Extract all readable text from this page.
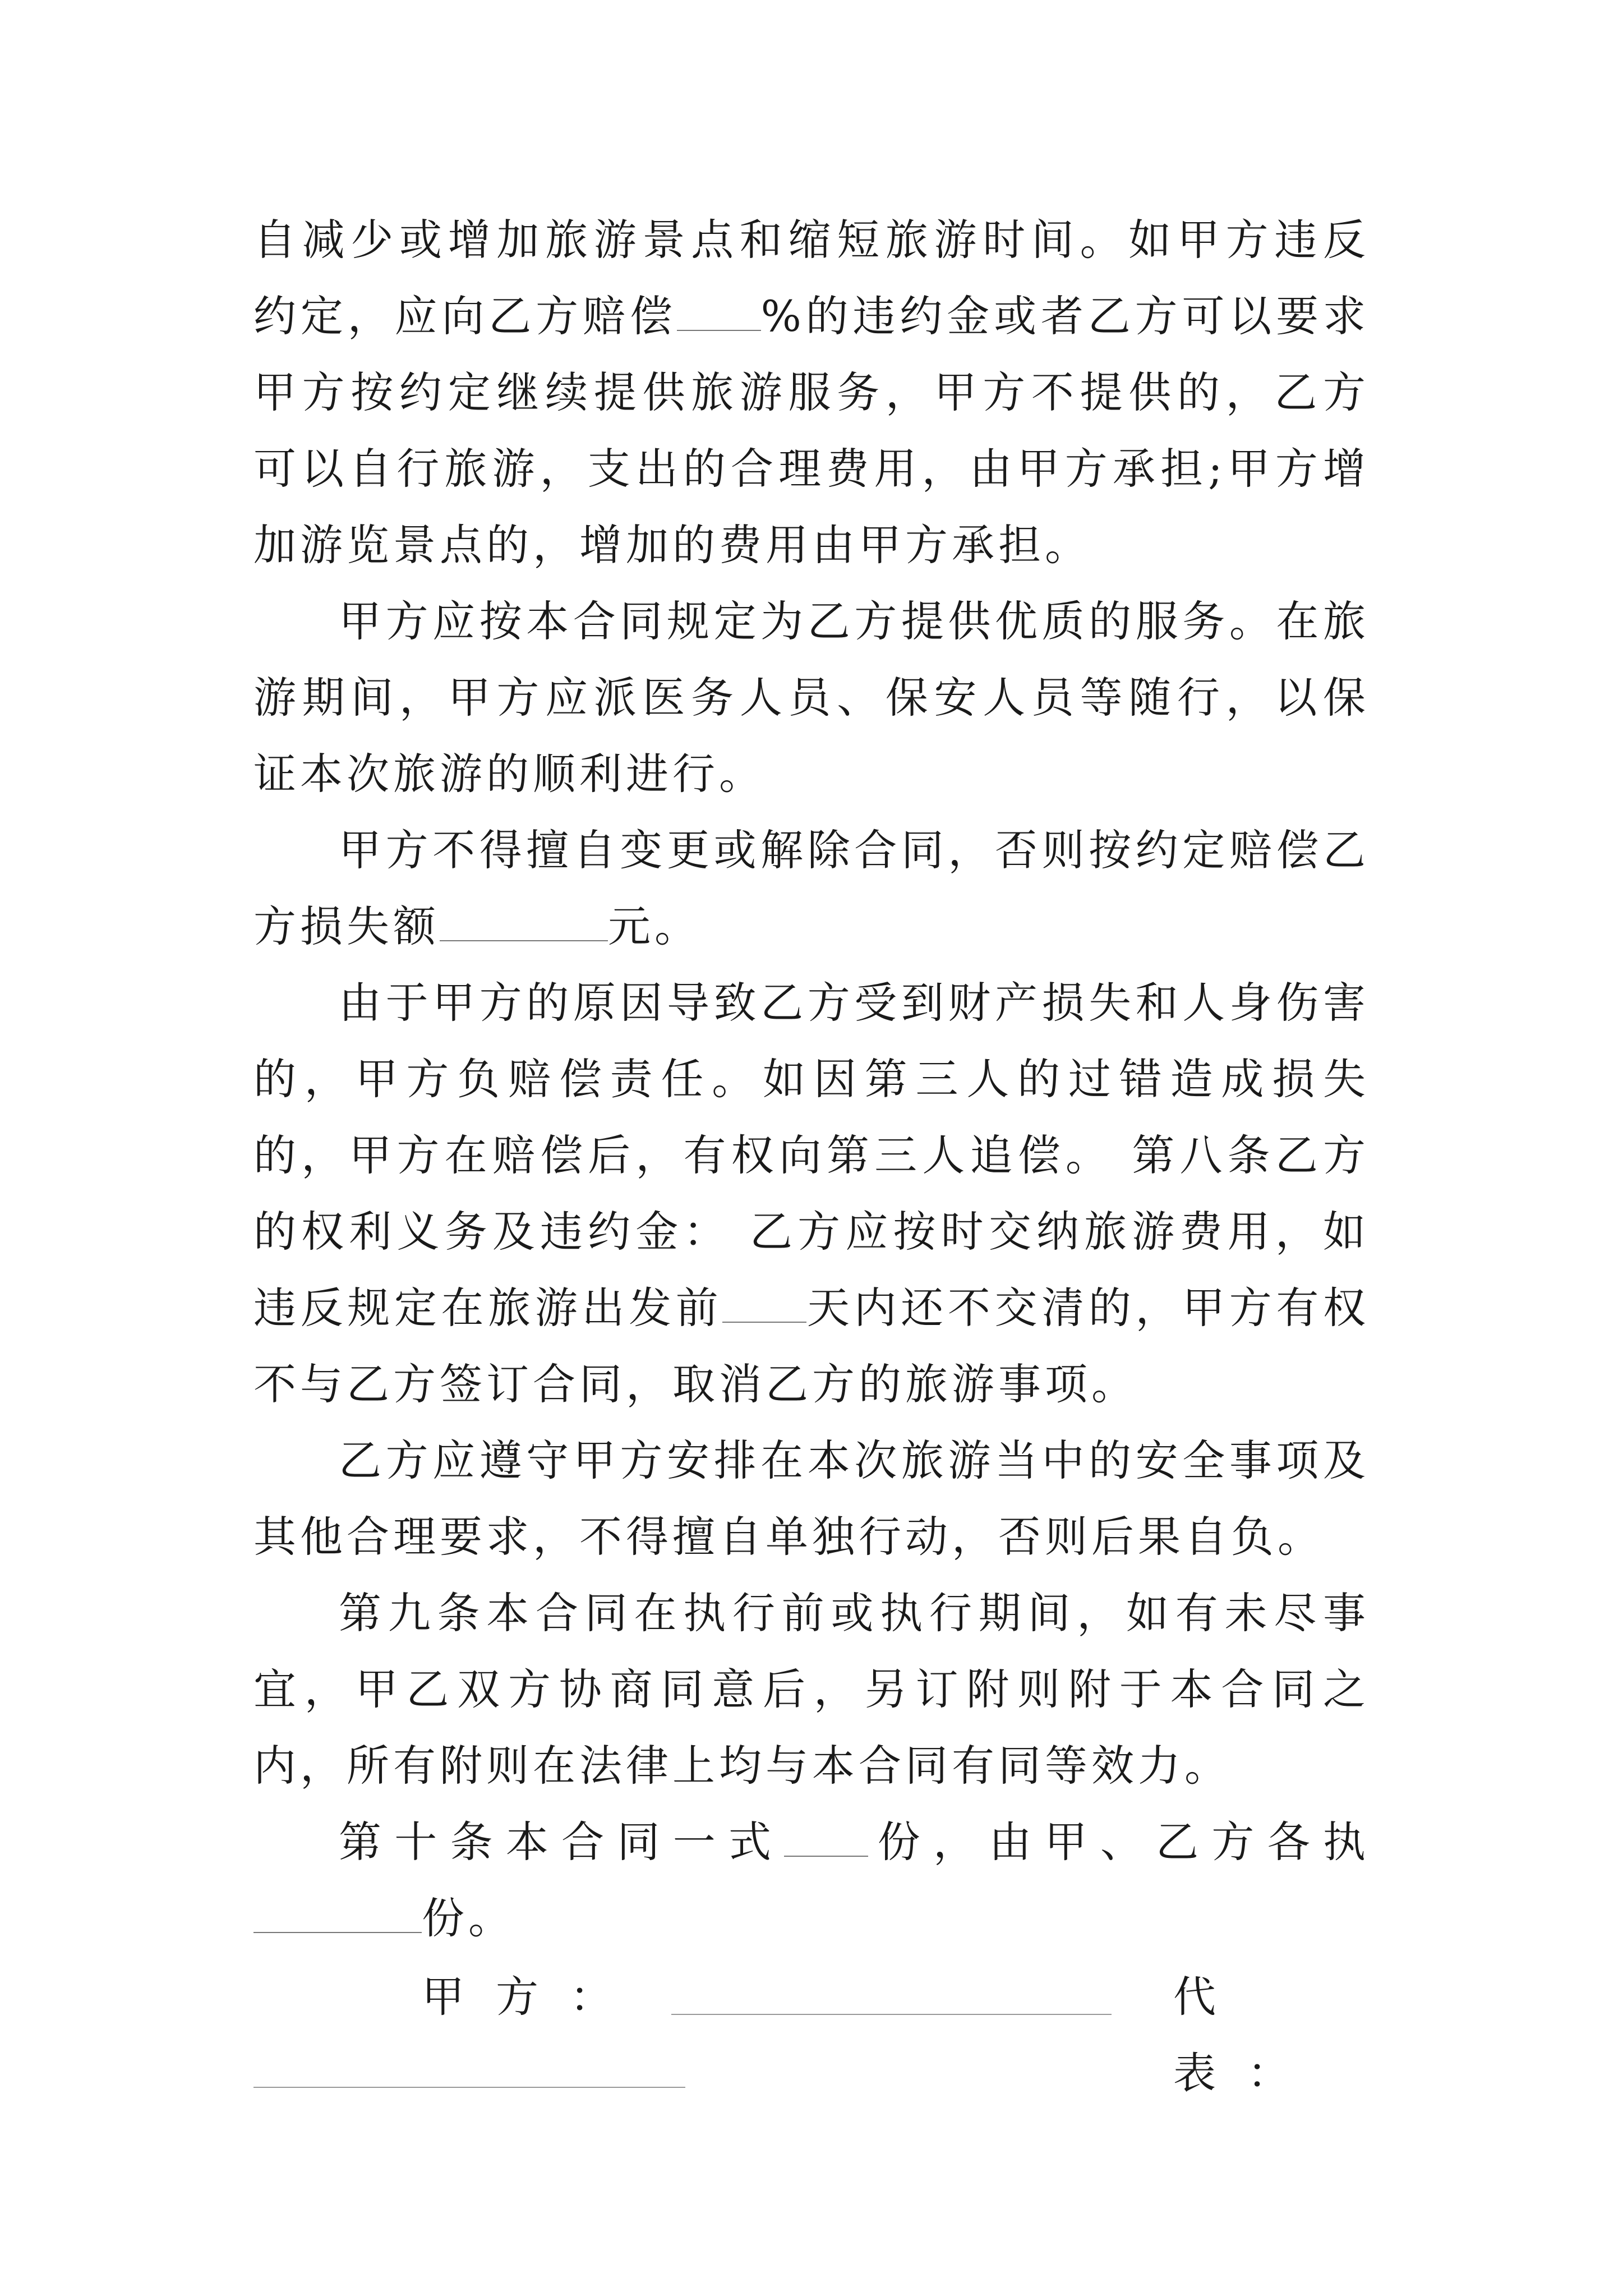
自减少或增加旅游景点和缩短旅游时间。如甲方违反约定，应向乙方赔偿 %的违约金或者乙方可以要求甲方按约定继续提供旅游服务，甲方不提供的，乙方可以自行旅游，支出的合理费用，由甲方承担;甲方增加游览景点的，增加的费用由甲方承担。

甲方应按本合同规定为乙方提供优质的服务。在旅游期间，甲方应派医务人员、保安人员等随行，以保证本次旅游的顺利进行。

甲方不得擅自变更或解除合同，否则按约定赔偿乙方损失额	元。

由于甲方的原因导致乙方受到财产损失和人身伤害的，甲方负赔偿责任。如因第三人的过错造成损失的，甲方在赔偿后，有权向第三人追偿。 第八条乙方的权利义务及违约金： 乙方应按时交纳旅游费用，如违反规定在旅游出发前 天内还不交清的，甲方有权不与乙方签订合同，取消乙方的旅游事项。

乙方应遵守甲方安排在本次旅游当中的安全事项及其他合理要求，不得擅自单独行动，否则后果自负。

第九条本合同在执行前或执行期间，如有未尽事宜，甲乙双方协商同意后，另订附则附于本合同之内，所有附则在法律上均与本合同有同等效力。

第十条本合同一式 份，由甲、乙方各执份。

甲方：	代表：
